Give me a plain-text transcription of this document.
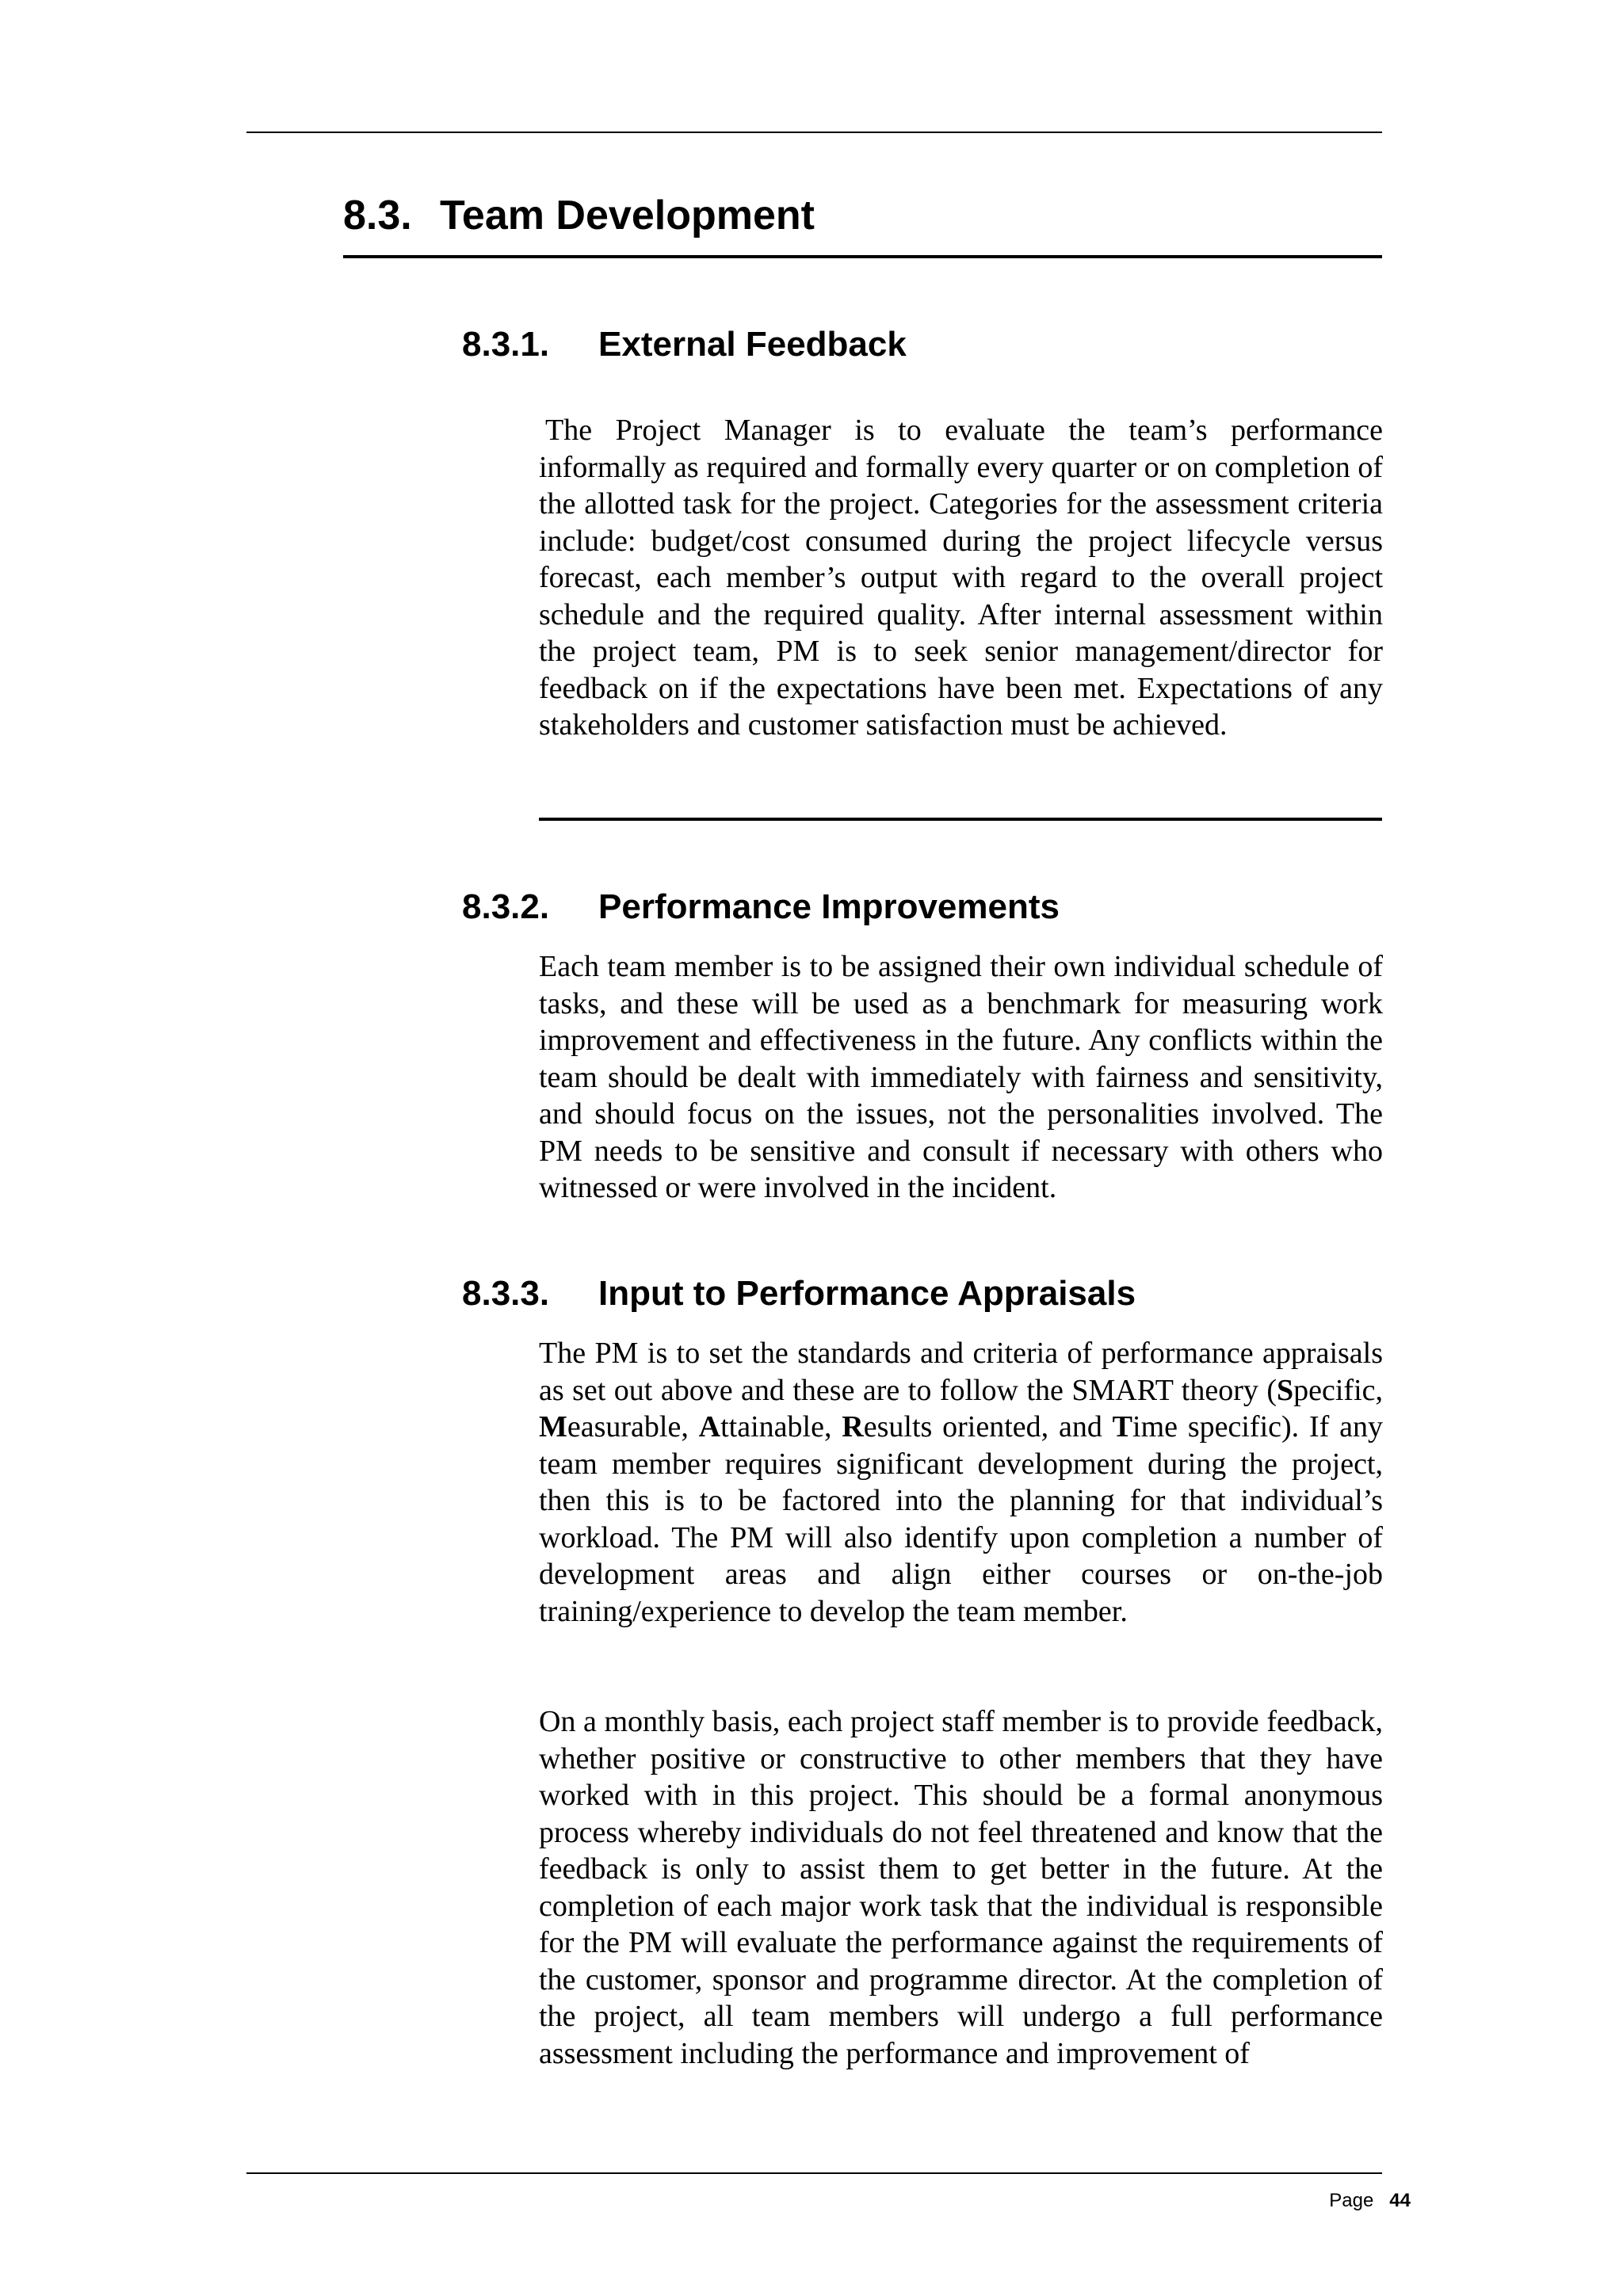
8.3. Team Development
8.3.1. External Feedback

The Project Manager is to evaluate the team’s performance informally as required and formally every quarter or on completion of the allotted task for the project. Categories for the assessment criteria include: budget/cost consumed during the project lifecycle versus forecast, each member’s output with regard to the overall project schedule and the required quality. After internal assessment within the project team, PM is to seek senior management/director for feedback on if the expectations have been met. Expectations of any stakeholders and customer satisfaction must be achieved.

8.3.2. Performance Improvements

Each team member is to be assigned their own individual schedule of tasks, and these will be used as a benchmark for measuring work improvement and effectiveness in the future. Any conflicts within the team should be dealt with immediately with fairness and sensitivity, and should focus on the issues, not the personalities involved. The PM needs to be sensitive and consult if necessary with others who witnessed or were involved in the incident.

8.3.3. Input to Performance Appraisals

The PM is to set the standards and criteria of performance appraisals as set out above and these are to follow the SMART theory (Specific, Measurable, Attainable, Results oriented, and Time specific). If any team member requires significant development during the project, then this is to be factored into the planning for that individual’s workload. The PM will also identify upon completion a number of development areas and align either courses or on-the-job training/experience to develop the team member.

On a monthly basis, each project staff member is to provide feedback, whether positive or constructive to other members that they have worked with in this project. This should be a formal anonymous process whereby individuals do not feel threatened and know that the feedback is only to assist them to get better in the future. At the completion of each major work task that the individual is responsible for the PM will evaluate the performance against the requirements of the customer, sponsor and programme director. At the completion of the project, all team members will undergo a full performance assessment including the performance and improvement of

Page 44
